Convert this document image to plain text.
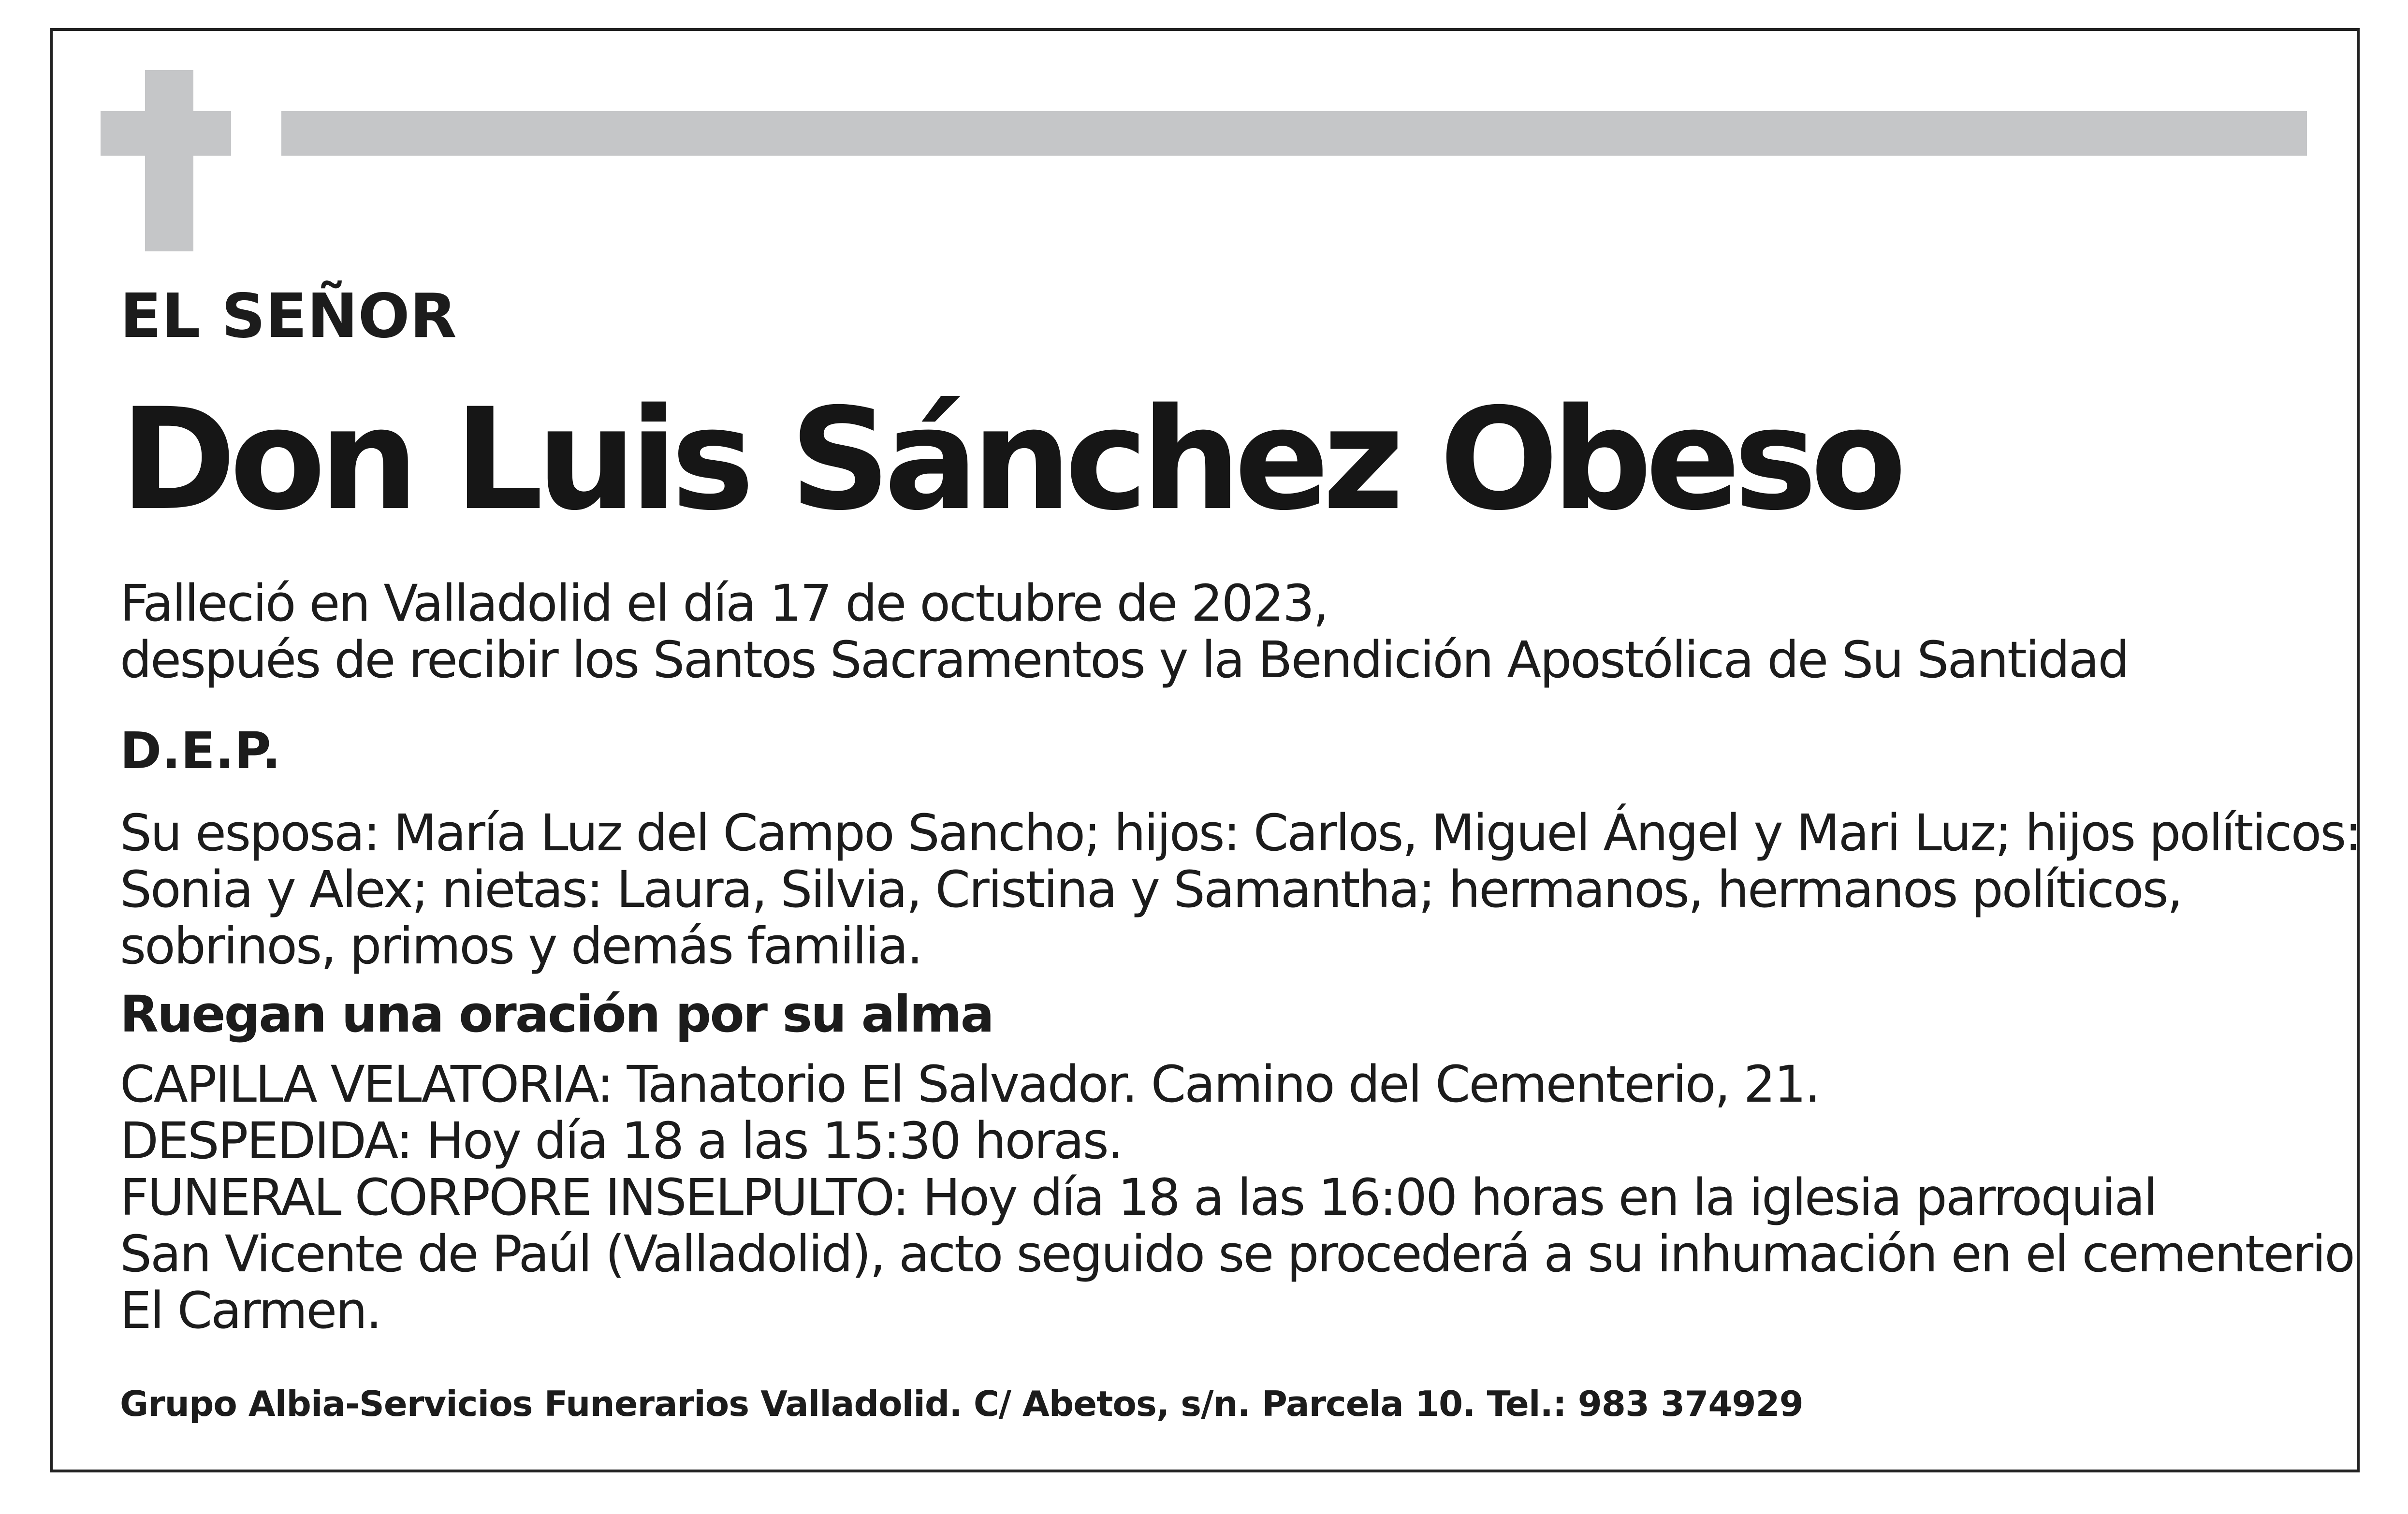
EL SEÑOR

Don Luis Sánchez Obeso

Falleció en Valladolid el día 17 de octubre de 2023,

después de recibir los Santos Sacramentos y la Bendición Apostólica de Su Santidad

D.E.P.

Su esposa: María Luz del Campo Sancho; hijos: Carlos, Miguel Ángel y Mari Luz; hijos políticos:

Sonia y Alex; nietas: Laura, Silvia, Cristina y Samantha; hermanos, hermanos políticos,

sobrinos, primos y demás familia.

Ruegan una oración por su alma

CAPILLA VELATORIA: Tanatorio El Salvador. Camino del Cementerio, 21.

DESPEDIDA: Hoy día 18 a las 15:30 horas.

FUNERAL CORPORE INSELPULTO: Hoy día 18 a las 16:00 horas en la iglesia parroquial

San Vicente de Paúl (Valladolid), acto seguido se procederá a su inhumación en el cementerio

El Carmen.

Grupo Albia-Servicios Funerarios Valladolid. C/ Abetos, s/n. Parcela 10. Tel.: 983 374929
